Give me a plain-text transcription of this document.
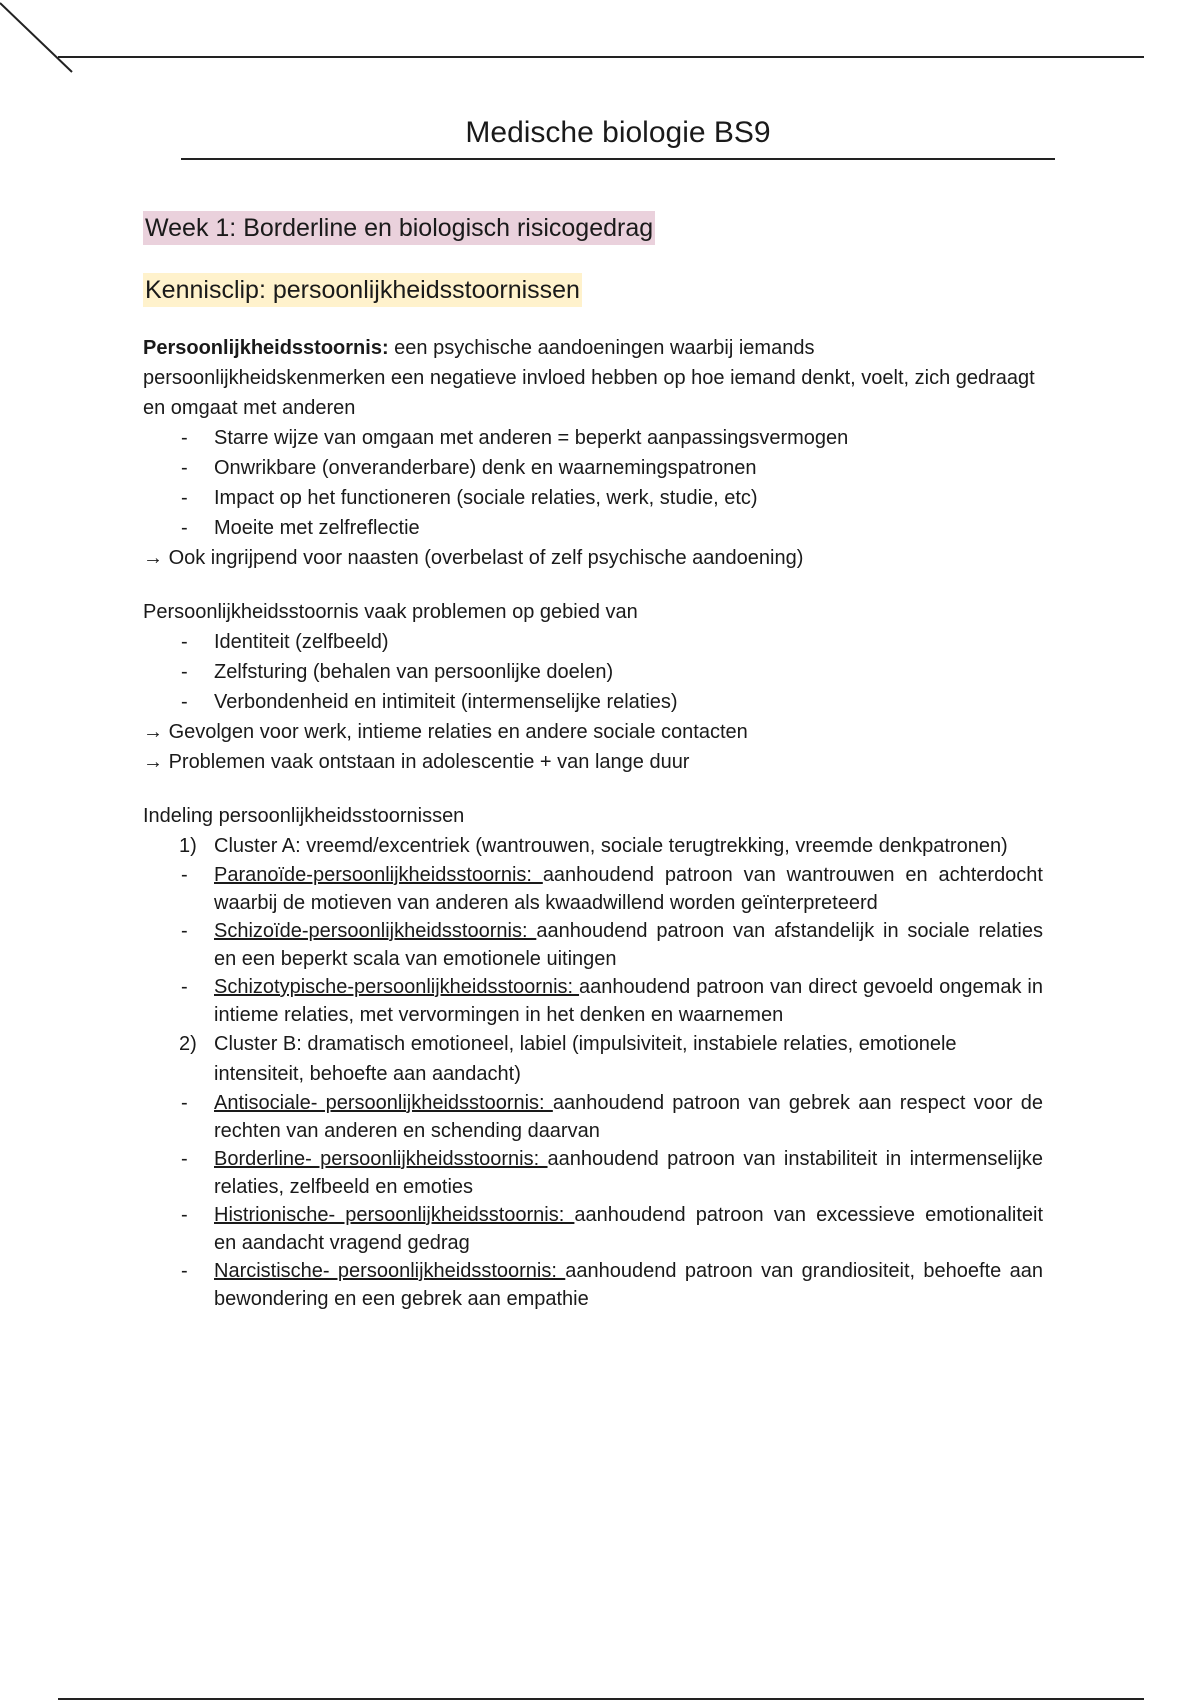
Medische biologie BS9
Week 1: Borderline en biologisch risicogedrag
Kennisclip: persoonlijkheidsstoornissen

Persoonlijkheidsstoornis: een psychische aandoeningen waarbij iemands persoonlijkheidskenmerken een negatieve invloed hebben op hoe iemand denkt, voelt, zich gedraagt en omgaat met anderen

- Starre wijze van omgaan met anderen = beperkt aanpassingsvermogen
- Onwrikbare (onveranderbare) denk en waarnemingspatronen
- Impact op het functioneren (sociale relaties, werk, studie, etc)
- Moeite met zelfreflectie
→ Ook ingrijpend voor naasten (overbelast of zelf psychische aandoening)

Persoonlijkheidsstoornis vaak problemen op gebied van

- Identiteit (zelfbeeld)
- Zelfsturing (behalen van persoonlijke doelen)
- Verbondenheid en intimiteit (intermenselijke relaties)
→ Gevolgen voor werk, intieme relaties en andere sociale contacten
→ Problemen vaak ontstaan in adolescentie + van lange duur

Indeling persoonlijkheidsstoornissen

1) Cluster A: vreemd/excentriek (wantrouwen, sociale terugtrekking, vreemde denkpatronen)
- Paranoïde-persoonlijkheidsstoornis: aanhoudend patroon van wantrouwen en achterdocht waarbij de motieven van anderen als kwaadwillend worden geïnterpreteerd
- Schizoïde-persoonlijkheidsstoornis: aanhoudend patroon van afstandelijk in sociale relaties en een beperkt scala van emotionele uitingen
- Schizotypische-persoonlijkheidsstoornis: aanhoudend patroon van direct gevoeld ongemak in intieme relaties, met vervormingen in het denken en waarnemen
2) Cluster B: dramatisch emotioneel, labiel (impulsiviteit, instabiele relaties, emotionele intensiteit, behoefte aan aandacht)
- Antisociale- persoonlijkheidsstoornis: aanhoudend patroon van gebrek aan respect voor de rechten van anderen en schending daarvan
- Borderline- persoonlijkheidsstoornis: aanhoudend patroon van instabiliteit in intermenselijke relaties, zelfbeeld en emoties
- Histrionische- persoonlijkheidsstoornis: aanhoudend patroon van excessieve emotionaliteit en aandacht vragend gedrag
- Narcistische- persoonlijkheidsstoornis: aanhoudend patroon van grandiositeit, behoefte aan bewondering en een gebrek aan empathie
